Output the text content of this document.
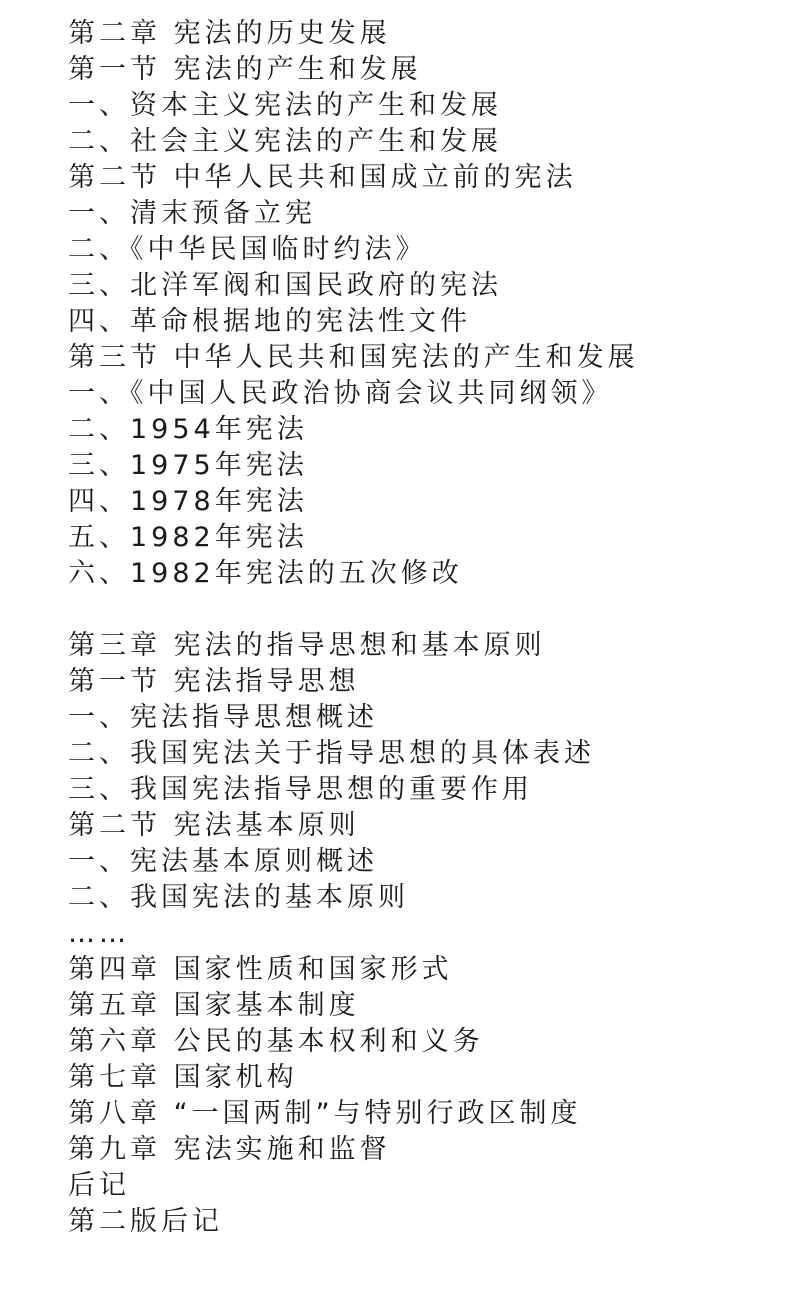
第二章 宪法的历史发展
第一节 宪法的产生和发展
一、资本主义宪法的产生和发展
二、社会主义宪法的产生和发展
第二节 中华人民共和国成立前的宪法
一、清末预备立宪
二、《中华民国临时约法》
三、北洋军阀和国民政府的宪法
四、革命根据地的宪法性文件
第三节 中华人民共和国宪法的产生和发展
一、《中国人民政治协商会议共同纲领》
二、1954年宪法
三、1975年宪法
四、1978年宪法
五、1982年宪法
六、1982年宪法的五次修改
第三章 宪法的指导思想和基本原则
第一节 宪法指导思想
一、宪法指导思想概述
二、我国宪法关于指导思想的具体表述
三、我国宪法指导思想的重要作用
第二节 宪法基本原则
一、宪法基本原则概述
二、我国宪法的基本原则
……
第四章 国家性质和国家形式
第五章 国家基本制度
第六章 公民的基本权利和义务
第七章 国家机构
第八章 “一国两制”与特别行政区制度
第九章 宪法实施和监督
后记
第二版后记
